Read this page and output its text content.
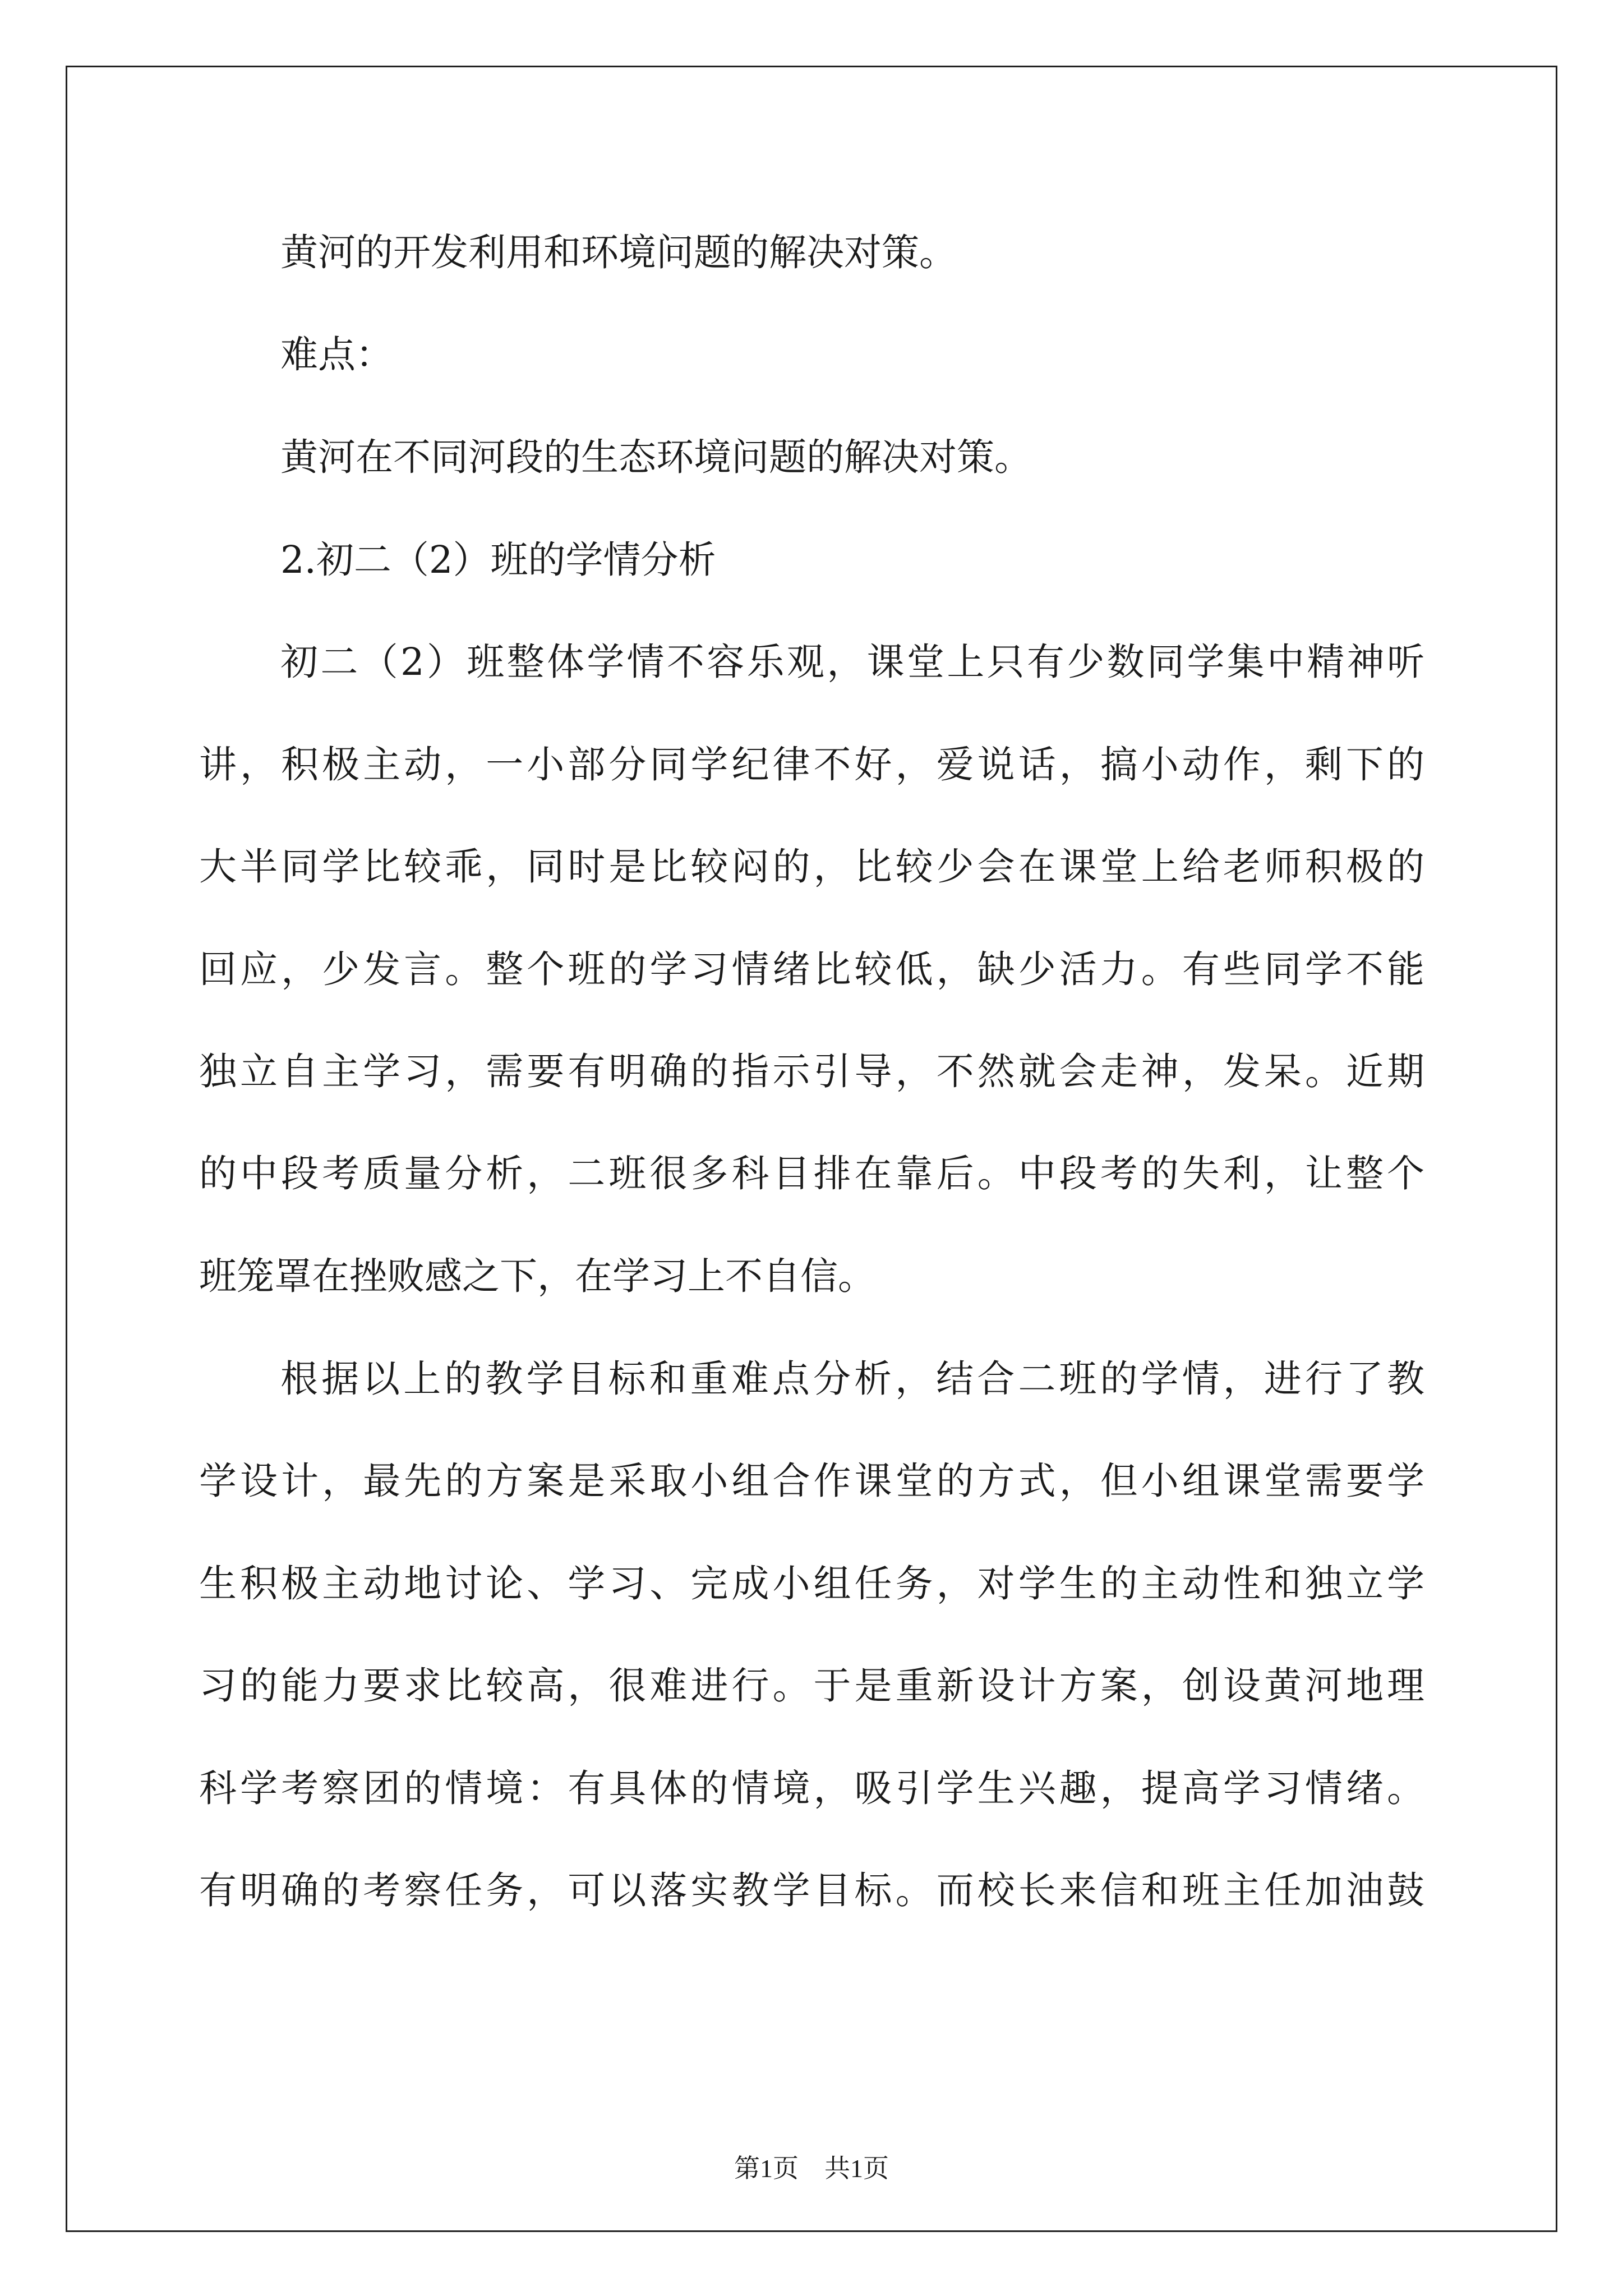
黄河的开发利用和环境问题的解决对策。
难点：
黄河在不同河段的生态环境问题的解决对策。
2.初二（2）班的学情分析
初二（2）班整体学情不容乐观，课堂上只有少数同学集中精神听
讲，积极主动，一小部分同学纪律不好，爱说话，搞小动作，剩下的
大半同学比较乖，同时是比较闷的，比较少会在课堂上给老师积极的
回应，少发言。整个班的学习情绪比较低，缺少活力。有些同学不能
独立自主学习，需要有明确的指示引导，不然就会走神，发呆。近期
的中段考质量分析，二班很多科目排在靠后。中段考的失利，让整个
班笼罩在挫败感之下，在学习上不自信。
根据以上的教学目标和重难点分析，结合二班的学情，进行了教
学设计，最先的方案是采取小组合作课堂的方式，但小组课堂需要学
生积极主动地讨论、学习、完成小组任务，对学生的主动性和独立学
习的能力要求比较高，很难进行。于是重新设计方案，创设黄河地理
科学考察团的情境：有具体的情境，吸引学生兴趣，提高学习情绪。
有明确的考察任务，可以落实教学目标。而校长来信和班主任加油鼓
第1页　共1页
